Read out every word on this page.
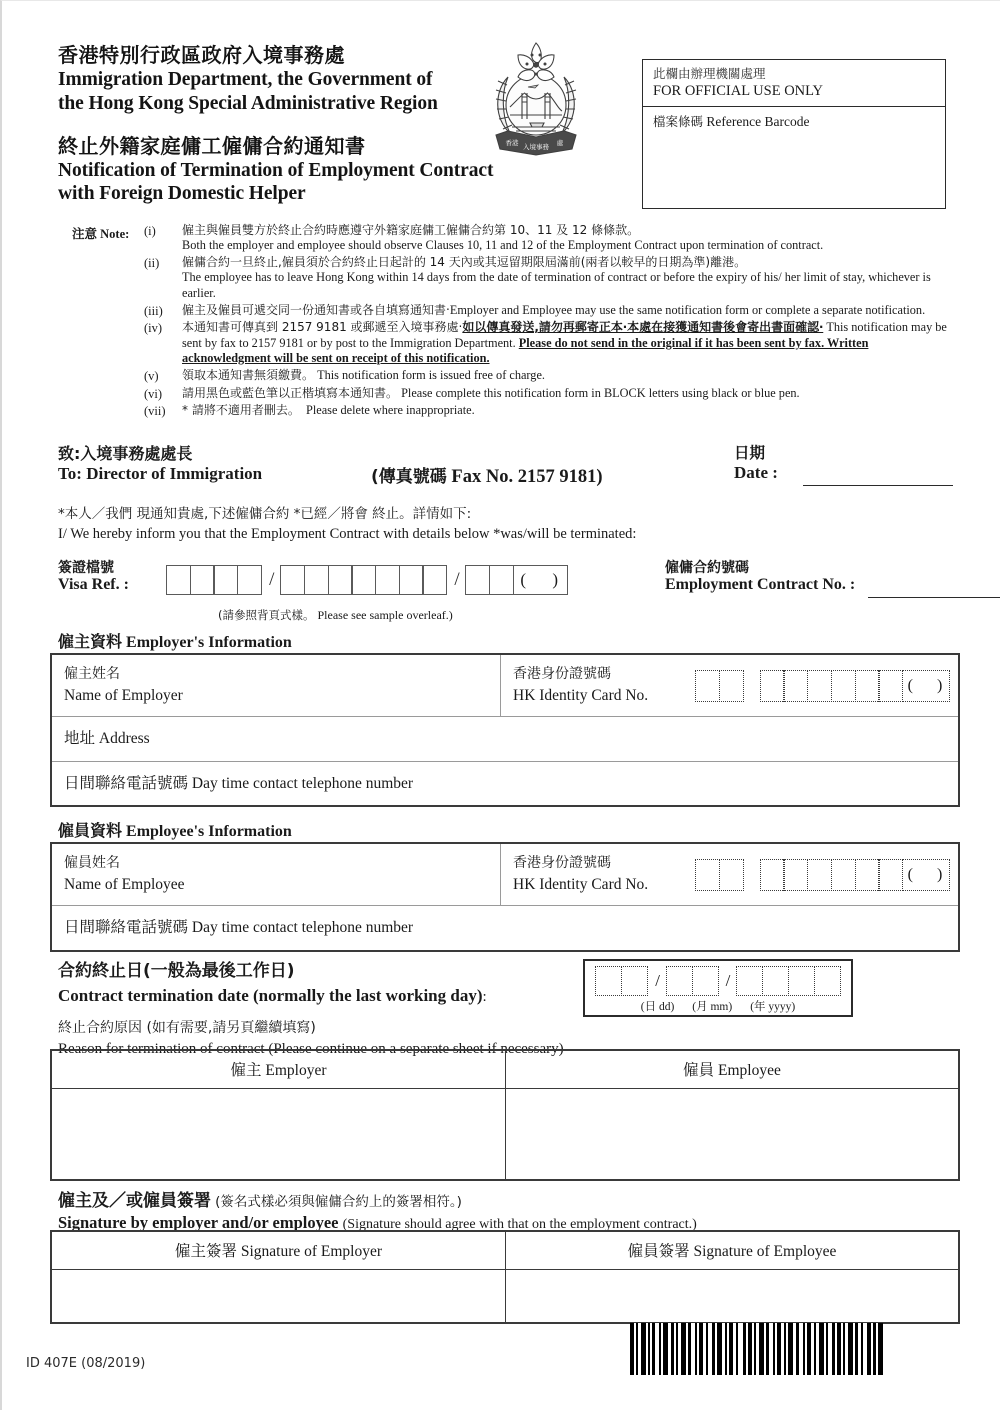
香港特別行政區政府入境事務處
Immigration Department, the Government of
the Hong Kong Special Administrative Region
終止外籍家庭傭工僱傭合約通知書
Notification of Termination of Employment Contract
with Foreign Domestic Helper
香港 入境事務 處
此欄由辦理機關處理
FOR OFFICIAL USE ONLY
檔案條碼 Reference Barcode
注意 Note:	(i)	僱主與僱員雙方於終止合約時應遵守外籍家庭傭工僱傭合約第 10、11 及 12 條條款。
Both the employer and employee should observe Clauses 10, 11 and 12 of the Employment Contract upon termination of contract.

	(ii)	僱傭合約一旦終止,僱員須於合約終止日起計的 14 天內或其逗留期限屆滿前(兩者以較早的日期為準)離港。
The employee has to leave Hong Kong within 14 days from the date of termination of contract or before the expiry of his/ her limit of stay, whichever is earlier.

	(iii)	僱主及僱員可遞交同一份通知書或各自填寫通知書‧Employer and Employee may use the same notification form or complete a separate notification.

	(iv)	本通知書可傳真到 2157 9181 或郵遞至入境事務處‧如以傳真發送,請勿再郵寄正本‧本處在接獲通知書後會寄出書面確認‧ This notification may be sent by fax to 2157 9181 or by post to the Immigration Department. Please do not send in the original if it has been sent by fax. Written acknowledgment will be sent on receipt of this notification.

	(v)	領取本通知書無須繳費。 This notification form is issued free of charge.

	(vi)	請用黑色或藍色筆以正楷填寫本通知書。 Please complete this notification form in BLOCK letters using black or blue pen.

	(vii)	* 請將不適用者刪去。 Please delete where inappropriate.
致:入境事務處處長
To: Director of Immigration	(傳真號碼 Fax No. 2157 9181)
日期
Date :
*本人／我們 現通知貴處,下述僱傭合約 *已經／將會 終止。詳情如下:
I/ We hereby inform you that the Employment Contract with details below *was/will be terminated:
簽證檔號
Visa Ref. :	/	/	( )
(請參照背頁式樣。 Please see sample overleaf.)
僱傭合約號碼
Employment Contract No. :
僱主資料 Employer's Information
僱主姓名
Name of Employer
香港身份證號碼
HK Identity Card No.
( )
地址 Address
日間聯絡電話號碼 Day time contact telephone number
僱員資料 Employee's Information
僱員姓名
Name of Employee
香港身份證號碼
HK Identity Card No.
( )
日間聯絡電話號碼 Day time contact telephone number
合約終止日(一般為最後工作日)
Contract termination date (normally the last working day):
終止合約原因 (如有需要,請另頁繼續填寫)
Reason for termination of contract (Please continue on a separate sheet if necessary)
/	/
(日 dd) (月 mm) (年 yyyy)
僱主 Employer	僱員 Employee
僱主及／或僱員簽署 (簽名式樣必須與僱傭合約上的簽署相符。)
Signature by employer and/or employee (Signature should agree with that on the employment contract.)
僱主簽署 Signature of Employer	僱員簽署 Signature of Employee
ID 407E (08/2019)
